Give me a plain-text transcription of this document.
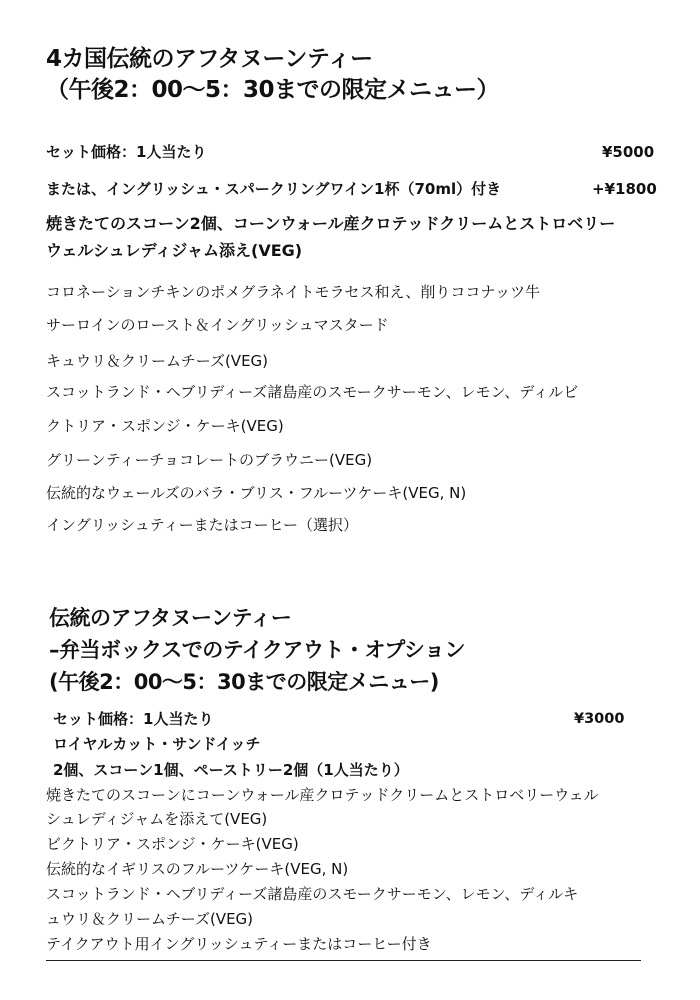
4カ国伝統のアフタヌーンティー
（午後2：00〜5：30までの限定メニュー）
セット価格：1人当たり	¥5000
または、イングリッシュ・スパークリングワイン1杯（70ml）付き	+¥1800
焼きたてのスコーン2個、コーンウォール産クロテッドクリームとストロベリー
ウェルシュレディジャム添え(VEG)
コロネーションチキンのポメグラネイトモラセス和え、削りココナッツ牛
サーロインのロースト＆イングリッシュマスタード
キュウリ＆クリームチーズ(VEG)
スコットランド・ヘブリディーズ諸島産のスモークサーモン、レモン、ディルビ
クトリア・スポンジ・ケーキ(VEG)
グリーンティーチョコレートのブラウニー(VEG)
伝統的なウェールズのバラ・ブリス・フルーツケーキ(VEG, N)
イングリッシュティーまたはコーヒー（選択）
伝統のアフタヌーンティー
–弁当ボックスでのテイクアウト・オプション
(午後2：00〜5：30までの限定メニュー)
セット価格：1人当たり	¥3000
ロイヤルカット・サンドイッチ
2個、スコーン1個、ペーストリー2個（1人当たり）
焼きたてのスコーンにコーンウォール産クロテッドクリームとストロベリーウェル
シュレディジャムを添えて(VEG)
ビクトリア・スポンジ・ケーキ(VEG)
伝統的なイギリスのフルーツケーキ(VEG, N)
スコットランド・ヘブリディーズ諸島産のスモークサーモン、レモン、ディルキ
ュウリ＆クリームチーズ(VEG)
テイクアウト用イングリッシュティーまたはコーヒー付き
